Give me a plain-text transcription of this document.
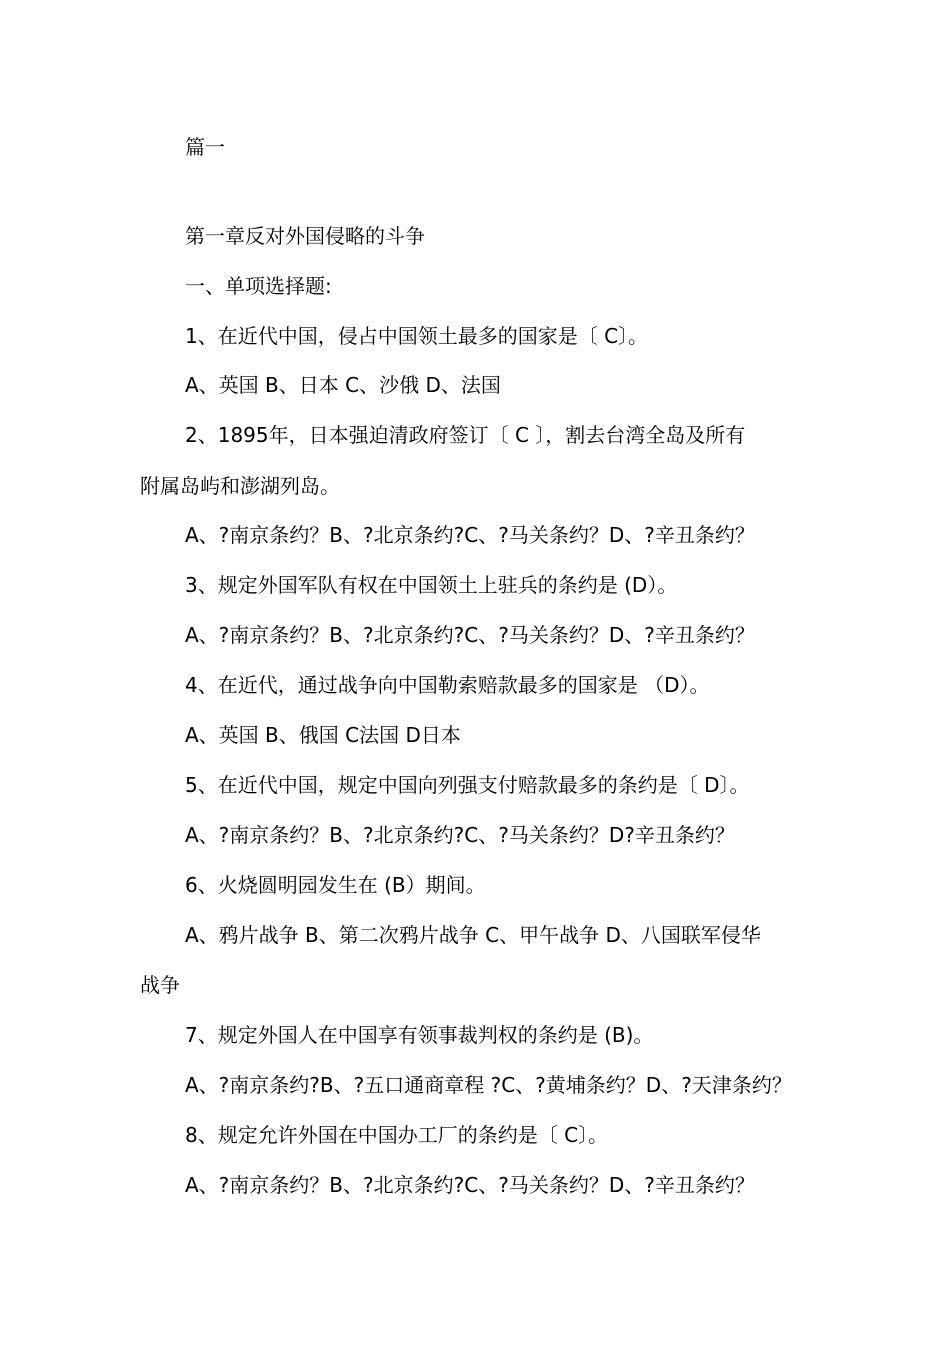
篇一
第一章反对外国侵略的斗争
一、单项选择题:
1、在近代中国，侵占中国领土最多的国家是〔 C〕。
A、英国 B、日本 C、沙俄 D、法国
2、1895年，日本强迫清政府签订〔 C 〕，割去台湾全岛及所有
附属岛屿和澎湖列岛。
A、?南京条约？B、?北京条约?C、?马关条约？D、?辛丑条约？
3、规定外国军队有权在中国领土上驻兵的条约是 (D）。
A、?南京条约？B、?北京条约?C、?马关条约？D、?辛丑条约？
4、在近代，通过战争向中国勒索赔款最多的国家是 （D）。
A、英国 B、俄国 C法国 D日本
5、在近代中国，规定中国向列强支付赔款最多的条约是〔 D〕。
A、?南京条约？B、?北京条约?C、?马关条约？D?辛丑条约？
6、火烧圆明园发生在 (B）期间。
A、鸦片战争 B、第二次鸦片战争 C、甲午战争 D、八国联军侵华
战争
7、规定外国人在中国享有领事裁判权的条约是 (B)。
A、?南京条约?B、?五口通商章程 ?C、?黄埔条约？D、?天津条约？
8、规定允许外国在中国办工厂的条约是〔 C〕。
A、?南京条约？B、?北京条约?C、?马关条约？D、?辛丑条约？
